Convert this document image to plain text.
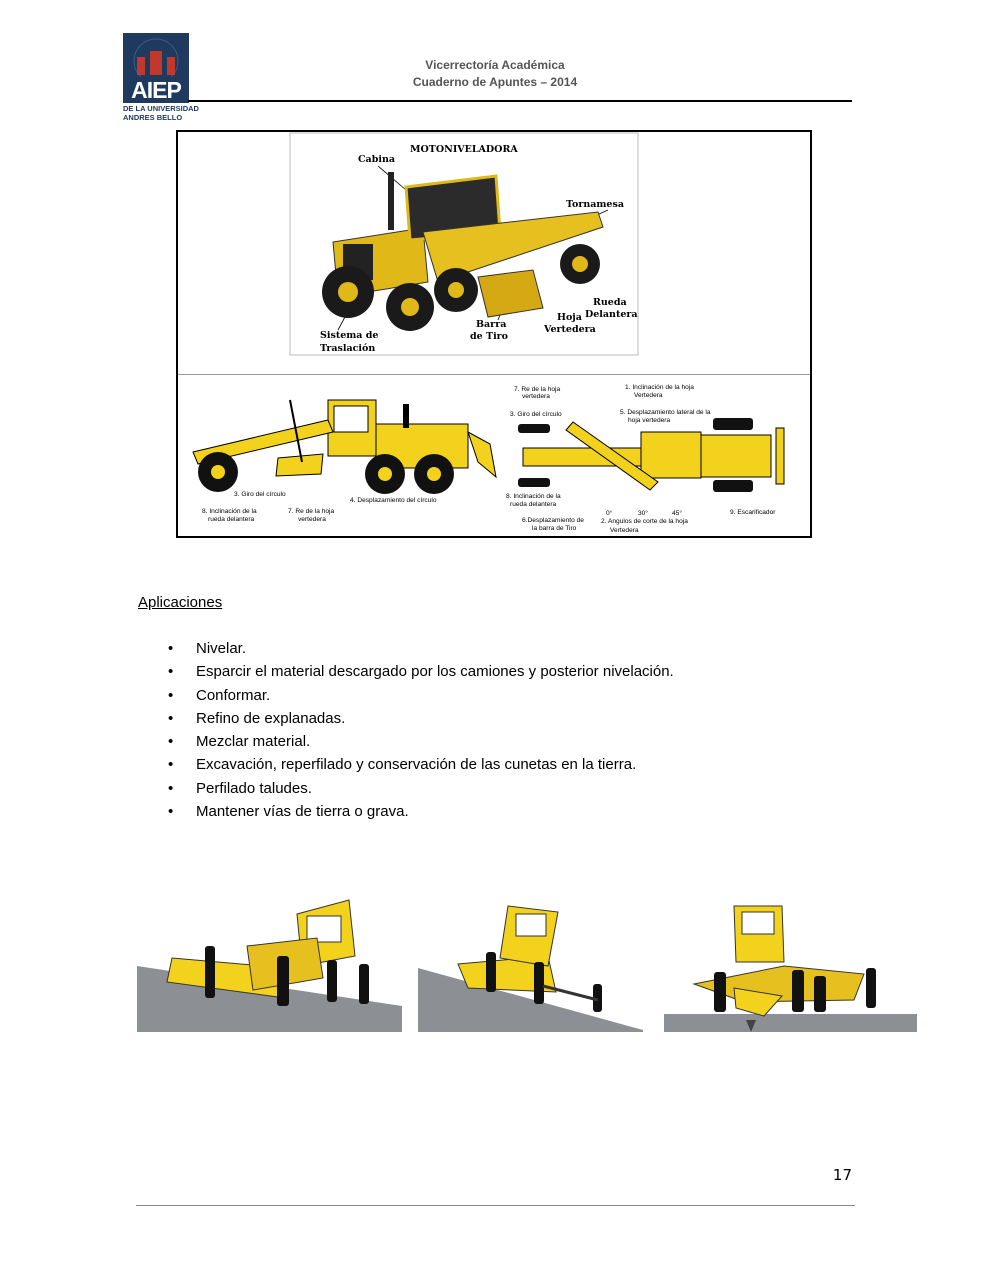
AIEP
DE LA UNIVERSIDAD
ANDRES BELLO
Vicerrectoría Académica
Cuaderno de Apuntes – 2014
MOTONIVELADORA
Cabina
Tornamesa
Rueda
Delantera
Hoja
Vertedera
Barra
de Tiro
Sistema de
Traslación
3. Giro del círculo
4. Desplazamiento del círculo
8. Inclinación de la
rueda delantera
7. Re de la hoja
vertedera
7. Re de la hoja
vertedera
3. Giro del círculo
1. Inclinación de la hoja
Vertedera
5. Desplazamiento lateral de la
hoja vertedera
8. Inclinación de la
rueda delantera
6.Desplazamiento de
la barra de Tiro
0°	30°	45°
2. Angulos de corte de la hoja
Vertedera
9. Escarificador
Aplicaciones
• Nivelar.
• Esparcir el material descargado por los camiones y posterior nivelación.
• Conformar.
• Refino de explanadas.
• Mezclar material.
• Excavación, reperfilado y conservación de las cunetas en la tierra.
• Perfilado taludes.
• Mantener vías de tierra o grava.
17
